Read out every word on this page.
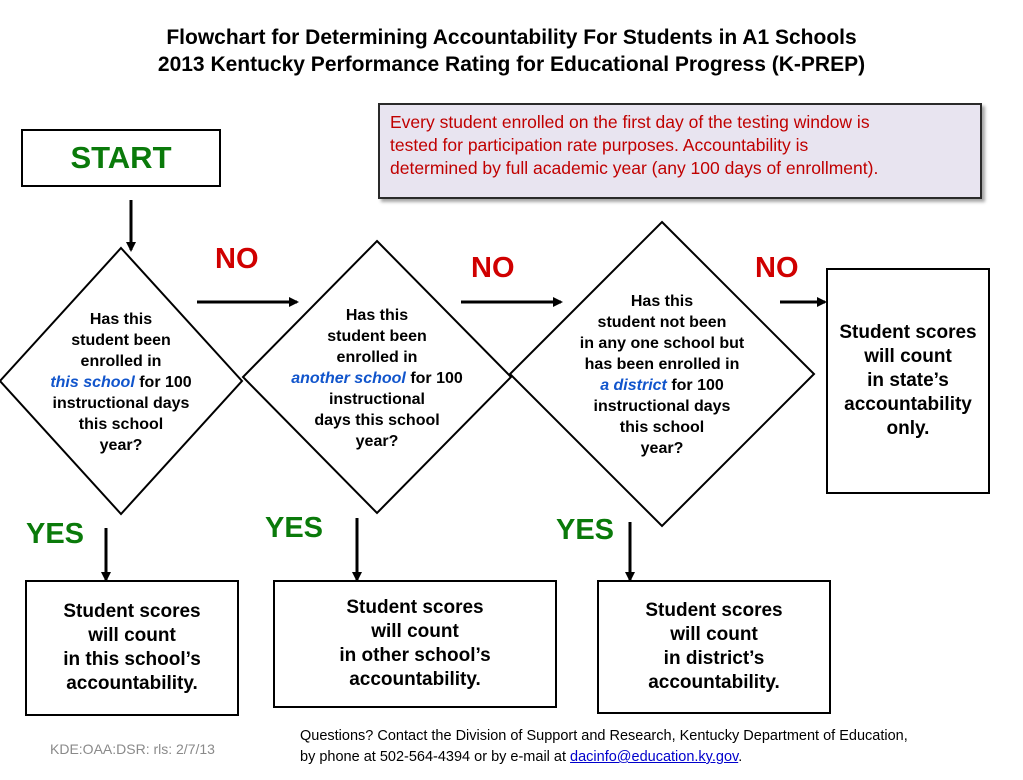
Flowchart for Determining Accountability For Students in A1 Schools
2013 Kentucky Performance Rating for Educational Progress (K-PREP)
Every student enrolled on the first day of the testing window is
tested for participation rate purposes. Accountability is
determined by full academic year (any 100 days of enrollment).
START
Has this
student been
enrolled in
this school for 100
instructional days
this school
year?
Has this
student been
enrolled in
another school for 100
instructional
days this school
year?
Has this
student not been
in any one school but
has been enrolled in
a district for 100
instructional days
this school
year?
NO	NO	NO
YES	YES	YES
Student scores
will count
in state’s
accountability
only.
Student scores
will count
in this school’s
accountability.
Student scores
will count
in other school’s
accountability.
Student scores
will count
in district’s
accountability.
KDE:OAA:DSR: rls: 2/7/13
Questions? Contact the Division of Support and Research, Kentucky Department of Education,
by phone at 502-564-4394 or by e-mail at dacinfo@education.ky.gov.
